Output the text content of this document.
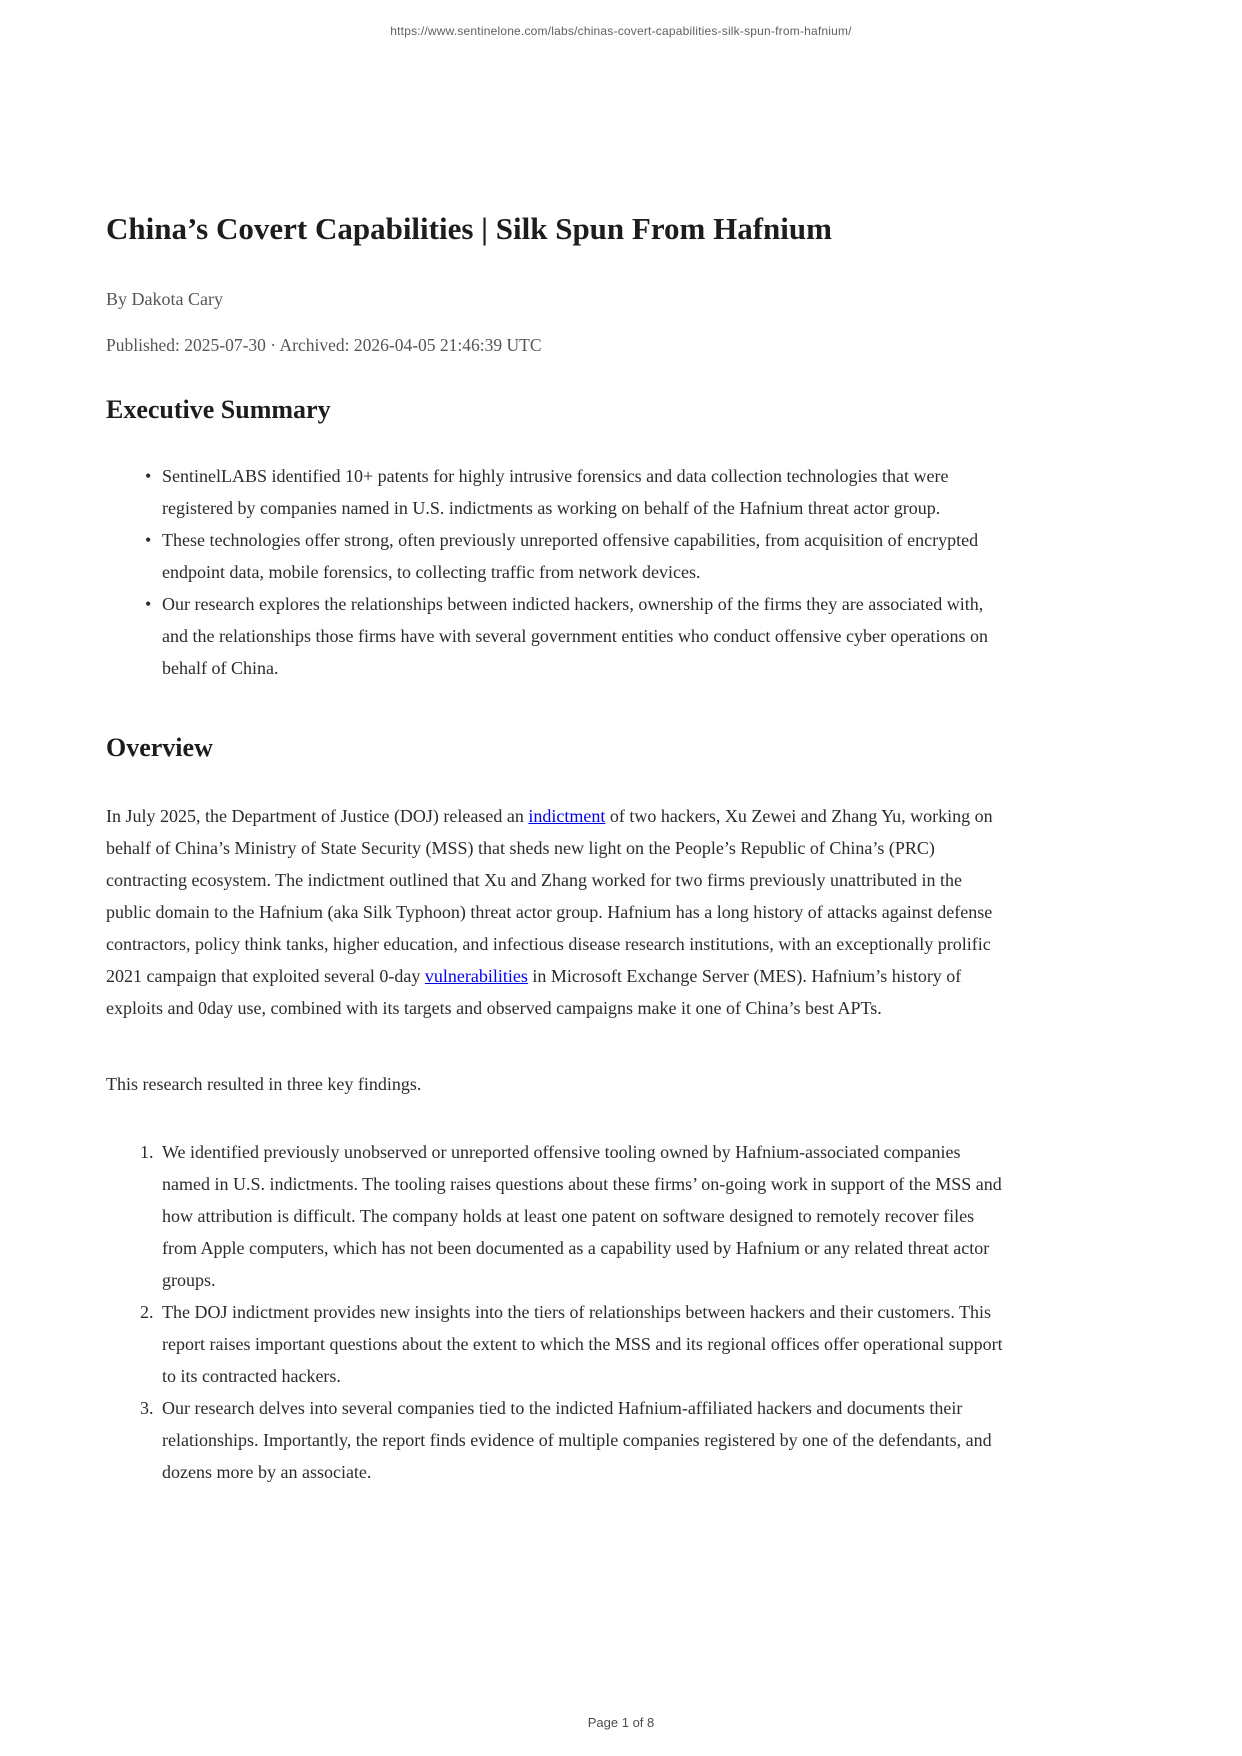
https://www.sentinelone.com/labs/chinas-covert-capabilities-silk-spun-from-hafnium/
China’s Covert Capabilities | Silk Spun From Hafnium
By Dakota Cary
Published: 2025-07-30 · Archived: 2026-04-05 21:46:39 UTC
Executive Summary
• SentinelLABS identified 10+ patents for highly intrusive forensics and data collection technologies that were registered by companies named in U.S. indictments as working on behalf of the Hafnium threat actor group.
• These technologies offer strong, often previously unreported offensive capabilities, from acquisition of encrypted endpoint data, mobile forensics, to collecting traffic from network devices.
• Our research explores the relationships between indicted hackers, ownership of the firms they are associated with, and the relationships those firms have with several government entities who conduct offensive cyber operations on behalf of China.
Overview

In July 2025, the Department of Justice (DOJ) released an indictment of two hackers, Xu Zewei and Zhang Yu, working on behalf of China’s Ministry of State Security (MSS) that sheds new light on the People’s Republic of China’s (PRC) contracting ecosystem. The indictment outlined that Xu and Zhang worked for two firms previously unattributed in the public domain to the Hafnium (aka Silk Typhoon) threat actor group. Hafnium has a long history of attacks against defense contractors, policy think tanks, higher education, and infectious disease research institutions, with an exceptionally prolific 2021 campaign that exploited several 0-day vulnerabilities in Microsoft Exchange Server (MES). Hafnium’s history of exploits and 0day use, combined with its targets and observed campaigns make it one of China’s best APTs.

This research resulted in three key findings.

We identified previously unobserved or unreported offensive tooling owned by Hafnium-associated companies named in U.S. indictments. The tooling raises questions about these firms’ on-going work in support of the MSS and how attribution is difficult. The company holds at least one patent on software designed to remotely recover files from Apple computers, which has not been documented as a capability used by Hafnium or any related threat actor groups.
The DOJ indictment provides new insights into the tiers of relationships between hackers and their customers. This report raises important questions about the extent to which the MSS and its regional offices offer operational support to its contracted hackers.
Our research delves into several companies tied to the indicted Hafnium-affiliated hackers and documents their relationships. Importantly, the report finds evidence of multiple companies registered by one of the defendants, and dozens more by an associate.
Page 1 of 8
